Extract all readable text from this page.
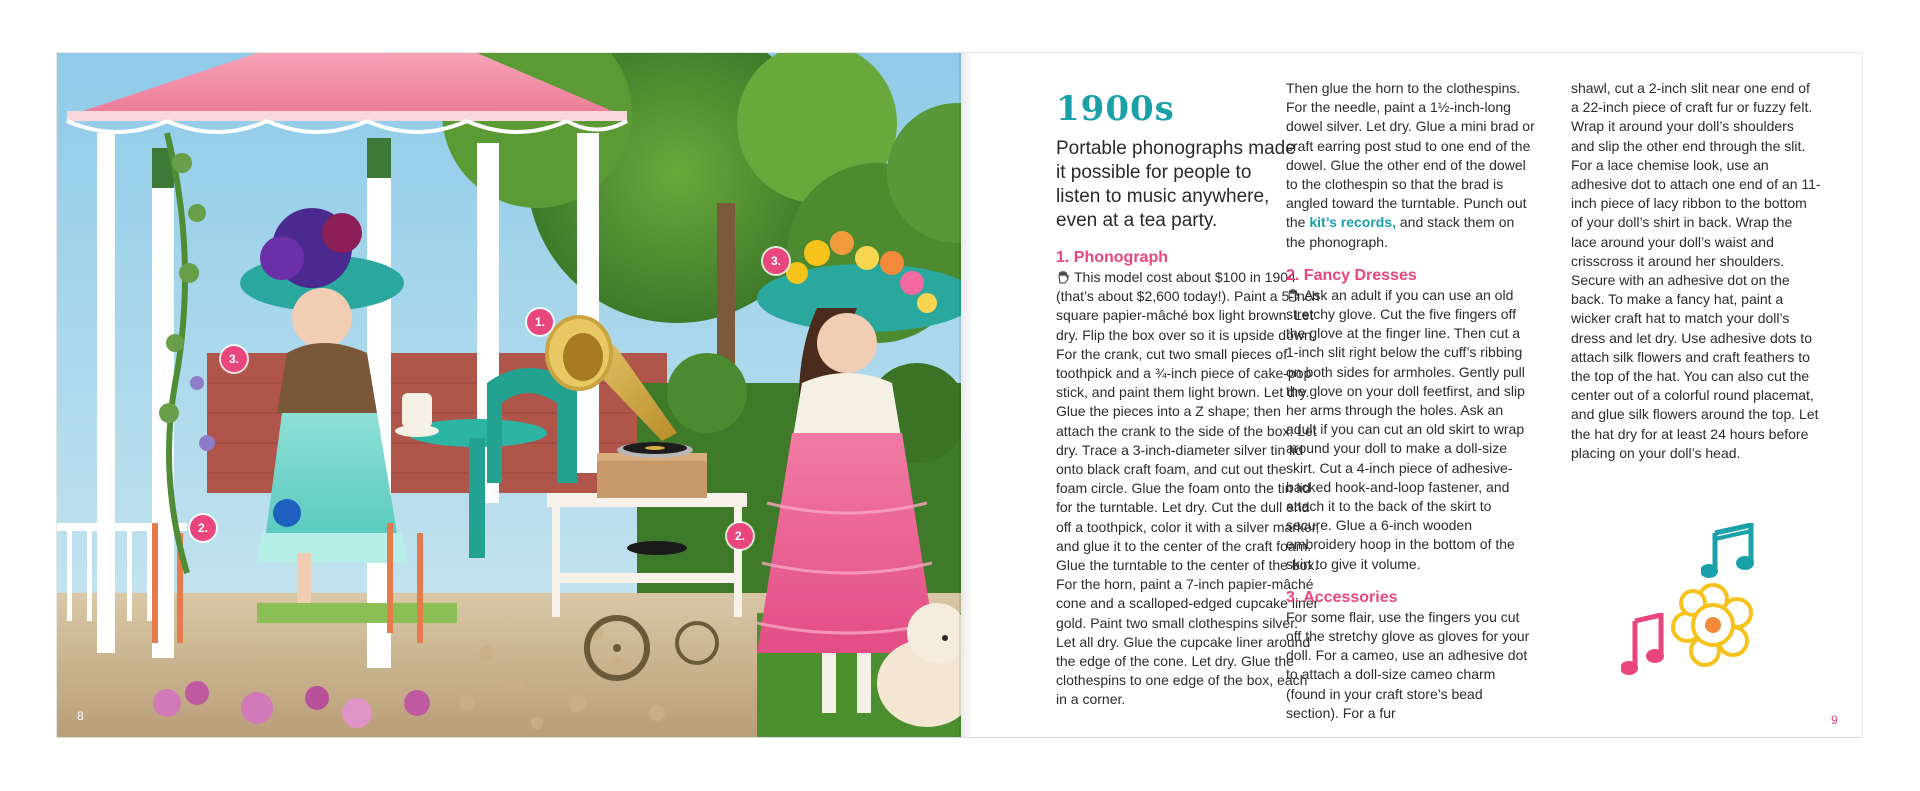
1.
2.
3.
2.
3.
8
1900s
Portable phonographs made it possible for people to listen to music anywhere, even at a tea party.

1. Phonograph

This model cost about $100 in 1904 (that’s about $2,600 today!). Paint a 5-inch square papier-mâché box light brown. Let dry. Flip the box over so it is upside down. For the crank, cut two small pieces of toothpick and a ¾-inch piece of cake-pop stick, and paint them light brown. Let dry. Glue the pieces into a Z shape; then attach the crank to the side of the box. Let dry. Trace a 3-inch-diameter silver tin lid onto black craft foam, and cut out the foam circle. Glue the foam onto the tin lid for the turntable. Let dry. Cut the dull end off a toothpick, color it with a silver marker, and glue it to the center of the craft foam. Glue the turntable to the center of the box. For the horn, paint a 7-inch papier-mâché cone and a scalloped-edged cupcake liner gold. Paint two small clothespins silver. Let all dry. Glue the cupcake liner around the edge of the cone. Let dry. Glue the clothespins to one edge of the box, each in a corner.

Then glue the horn to the clothespins. For the needle, paint a 1½-inch-long dowel silver. Let dry. Glue a mini brad or craft earring post stud to one end of the dowel. Glue the other end of the dowel to the clothespin so that the brad is angled toward the turntable. Punch out the kit’s records, and stack them on the phonograph.

2. Fancy Dresses

Ask an adult if you can use an old stretchy glove. Cut the five fingers off the glove at the finger line. Then cut a 1-inch slit right below the cuff’s ribbing on both sides for armholes. Gently pull the glove on your doll feetfirst, and slip her arms through the holes. Ask an adult if you can cut an old skirt to wrap around your doll to make a doll-size skirt. Cut a 4-inch piece of adhesive-backed hook-and-loop fastener, and attach it to the back of the skirt to secure. Glue a 6-inch wooden embroidery hoop in the bottom of the skirt to give it volume.

3. Accessories

For some flair, use the fingers you cut off the stretchy glove as gloves for your doll. For a cameo, use an adhesive dot to attach a doll-size cameo charm (found in your craft store’s bead section). For a fur

shawl, cut a 2-inch slit near one end of a 22-inch piece of craft fur or fuzzy felt. Wrap it around your doll’s shoulders and slip the other end through the slit. For a lace chemise look, use an adhesive dot to attach one end of an 11-inch piece of lacy ribbon to the bottom of your doll’s shirt in back. Wrap the lace around your doll’s waist and crisscross it around her shoulders. Secure with an adhesive dot on the back. To make a fancy hat, paint a wicker craft hat to match your doll’s dress and let dry. Use adhesive dots to attach silk flowers and craft feathers to the top of the hat. You can also cut the center out of a colorful round placemat, and glue silk flowers around the top. Let the hat dry for at least 24 hours before placing on your doll’s head.

9
